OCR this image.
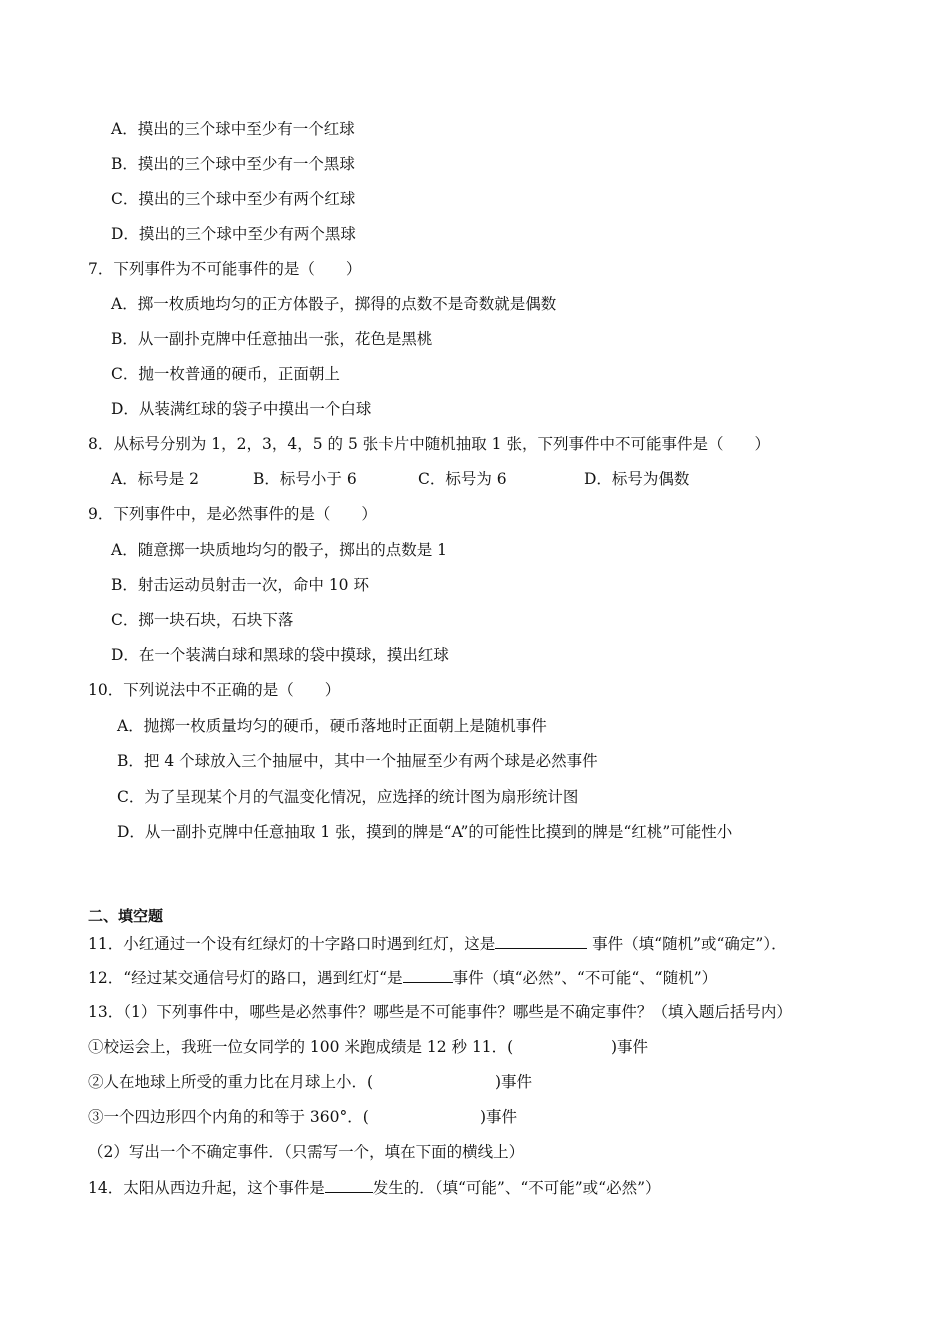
A．摸出的三个球中至少有一个红球
B．摸出的三个球中至少有一个黑球
C．摸出的三个球中至少有两个红球
D．摸出的三个球中至少有两个黑球
7．下列事件为不可能事件的是（　　）
A．掷一枚质地均匀的正方体骰子，掷得的点数不是奇数就是偶数
B．从一副扑克牌中任意抽出一张，花色是黑桃
C．抛一枚普通的硬币，正面朝上
D．从装满红球的袋子中摸出一个白球
8．从标号分别为 1，2，3，4，5 的 5 张卡片中随机抽取 1 张，下列事件中不可能事件是（　　）
A．标号是 2	B．标号小于 6	C．标号为 6	D．标号为偶数
9．下列事件中，是必然事件的是（　　）
A．随意掷一块质地均匀的骰子，掷出的点数是 1
B．射击运动员射击一次，命中 10 环
C．掷一块石块，石块下落
D．在一个装满白球和黑球的袋中摸球，摸出红球
10．下列说法中不正确的是（　　）
A．抛掷一枚质量均匀的硬币，硬币落地时正面朝上是随机事件
B．把 4 个球放入三个抽屉中，其中一个抽屉至少有两个球是必然事件
C．为了呈现某个月的气温变化情况，应选择的统计图为扇形统计图
D．从一副扑克牌中任意抽取 1 张，摸到的牌是“A”的可能性比摸到的牌是“红桃”可能性小
二、填空题
11．小红通过一个设有红绿灯的十字路口时遇到红灯，这是	事件（填“随机”或“确定”）．
12．“经过某交通信号灯的路口，遇到红灯“是	事件（填“必然”、“不可能“、“随机”）
13．（1）下列事件中，哪些是必然事件？哪些是不可能事件？哪些是不确定事件？（填入题后括号内）
①校运会上，我班一位女同学的 100 米跑成绩是 12 秒 11．(	)事件
②人在地球上所受的重力比在月球上小．(	)事件
③一个四边形四个内角的和等于 360°．(	)事件
（2）写出一个不确定事件．（只需写一个，填在下面的横线上）
14．太阳从西边升起，这个事件是	发生的．（填“可能”、“不可能”或“必然”）
